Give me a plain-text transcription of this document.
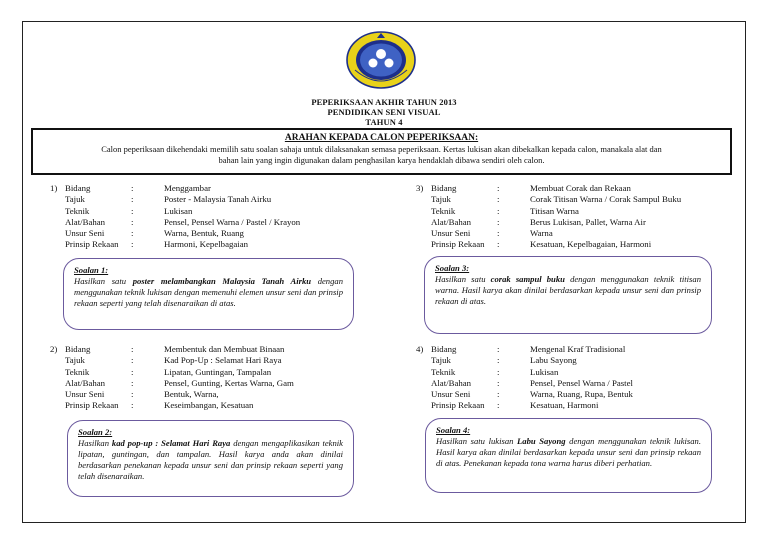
PEPERIKSAAN AKHIR TAHUN 2013
PENDIDIKAN SENI VISUAL
TAHUN 4
ARAHAN KEPADA CALON PEPERIKSAAN:
Calon peperiksaan dikehendaki memilih satu soalan sahaja untuk dilaksanakan semasa peperiksaan. Kertas lukisan akan dibekalkan kepada calon, manakala alat dan
bahan lain yang ingin digunakan dalam penghasilan karya hendaklah dibawa sendiri oleh calon.
1) Bidang	:	Menggambar
Tajuk	:	Poster - Malaysia Tanah Airku
Teknik	:	Lukisan
Alat/Bahan	:	Pensel, Pensel Warna / Pastel / Krayon
Unsur Seni	:	Warna, Bentuk, Ruang
Prinsip Rekaan :	Harmoni, Kepelbagaian
Soalan 1:
Hasilkan satu poster melambangkan Malaysia Tanah Airku dengan menggunakan teknik lukisan dengan memenuhi elemen unsur seni dan prinsip rekaan seperti yang telah disenaraikan di atas.
2) Bidang	:	Membentuk dan Membuat Binaan
Tajuk	:	Kad Pop-Up : Selamat Hari Raya
Teknik	:	Lipatan, Guntingan, Tampalan
Alat/Bahan	:	Pensel, Gunting, Kertas Warna, Gam
Unsur Seni	:	Bentuk, Warna,
Prinsip Rekaan :	Keseimbangan, Kesatuan
Soalan 2:
Hasilkan kad pop-up : Selamat Hari Raya dengan mengaplikasikan teknik lipatan, guntingan, dan tampalan. Hasil karya anda akan dinilai berdasarkan penekanan kepada unsur seni dan prinsip rekaan seperti yang telah disenaraikan.
3) Bidang	:	Membuat Corak dan Rekaan
Tajuk	:	Corak Titisan Warna / Corak Sampul Buku
Teknik	:	Titisan Warna
Alat/Bahan	:	Berus Lukisan, Pallet, Warna Air
Unsur Seni	:	Warna
Prinsip Rekaan :	Kesatuan, Kepelbagaian, Harmoni
Soalan 3:
Hasilkan satu corak sampul buku dengan menggunakan teknik titisan warna. Hasil karya akan dinilai berdasarkan kepada unsur seni dan prinsip rekaan di atas.
4) Bidang	:	Mengenal Kraf Tradisional
Tajuk	:	Labu Sayong
Teknik	:	Lukisan
Alat/Bahan	:	Pensel, Pensel Warna / Pastel
Unsur Seni	:	Warna, Ruang, Rupa, Bentuk
Prinsip Rekaan :	Kesatuan, Harmoni
Soalan 4:
Hasilkan satu lukisan Labu Sayong dengan menggunakan teknik lukisan. Hasil karya akan dinilai berdasarkan kepada unsur seni dan prinsip rekaan di atas. Penekanan kepada tona warna harus diberi perhatian.
